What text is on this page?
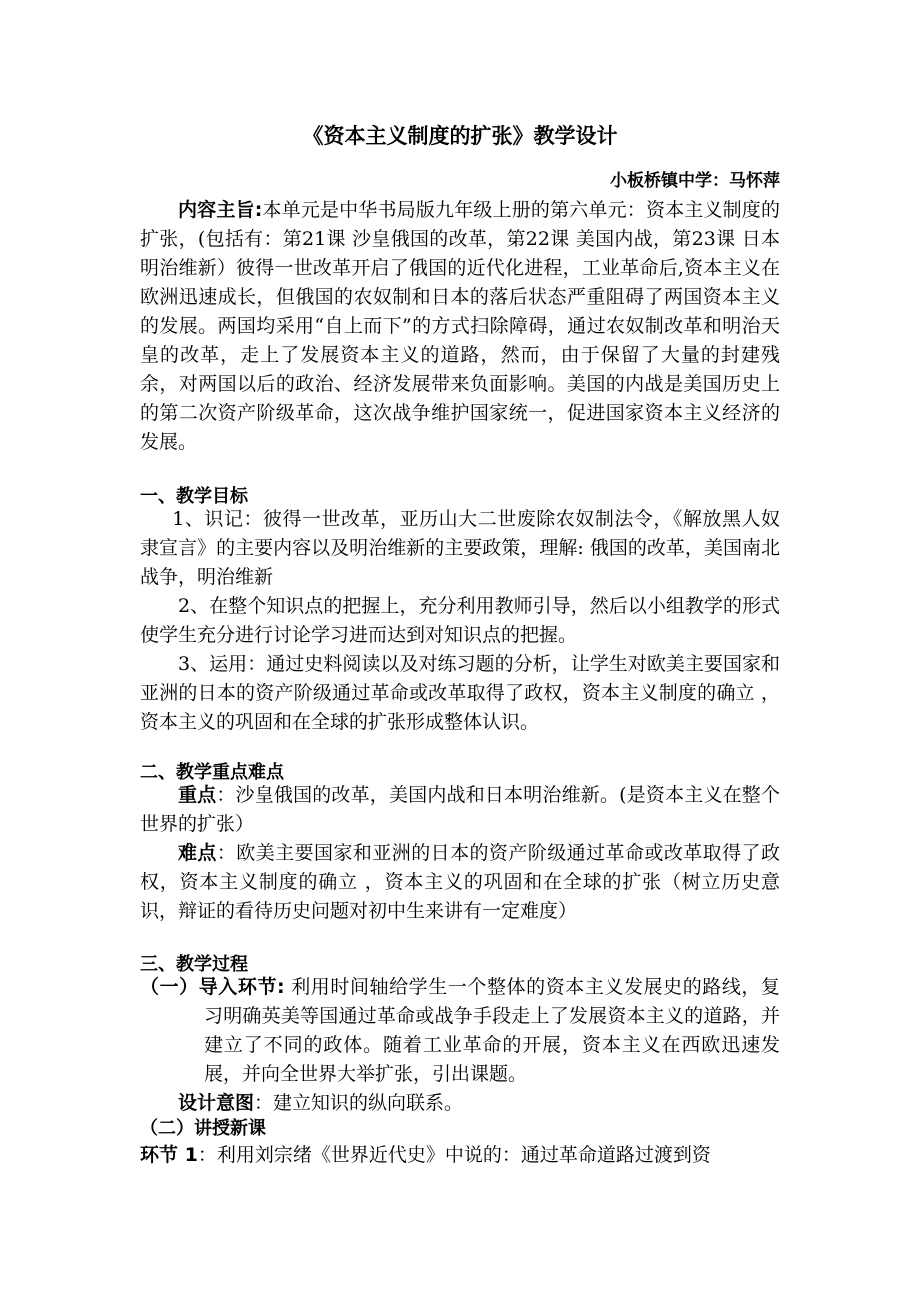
《资本主义制度的扩张》教学设计
小板桥镇中学：马怀萍

内容主旨:本单元是中华书局版九年级上册的第六单元：资本主义制度的扩张，(包括有：第21课 沙皇俄国的改革，第22课 美国内战，第23课 日本明治维新）彼得一世改革开启了俄国的近代化进程，工业革命后,资本主义在欧洲迅速成长，但俄国的农奴制和日本的落后状态严重阻碍了两国资本主义的发展。两国均采用“自上而下”的方式扫除障碍，通过农奴制改革和明治天皇的改革，走上了发展资本主义的道路，然而，由于保留了大量的封建残余，对两国以后的政治、经济发展带来负面影响。美国的内战是美国历史上的第二次资产阶级革命，这次战争维护国家统一，促进国家资本主义经济的发展。

一、教学目标

1、识记：彼得一世改革，亚历山大二世废除农奴制法令，《解放黑人奴隶宣言》的主要内容以及明治维新的主要政策，理解: 俄国的改革，美国南北战争，明治维新

2、在整个知识点的把握上，充分利用教师引导，然后以小组教学的形式使学生充分进行讨论学习进而达到对知识点的把握。

3、运用：通过史料阅读以及对练习题的分析，让学生对欧美主要国家和亚洲的日本的资产阶级通过革命或改革取得了政权，资本主义制度的确立 ，资本主义的巩固和在全球的扩张形成整体认识。

二、教学重点难点

重点：沙皇俄国的改革，美国内战和日本明治维新。(是资本主义在整个世界的扩张）

难点：欧美主要国家和亚洲的日本的资产阶级通过革命或改革取得了政权，资本主义制度的确立 ，资本主义的巩固和在全球的扩张（树立历史意识，辩证的看待历史问题对初中生来讲有一定难度）

三、教学过程

（一）导入环节: 利用时间轴给学生一个整体的资本主义发展史的路线，复习明确英美等国通过革命或战争手段走上了发展资本主义的道路，并建立了不同的政体。随着工业革命的开展，资本主义在西欧迅速发展，并向全世界大举扩张，引出课题。

设计意图：建立知识的纵向联系。

（二）讲授新课

环节 1：利用刘宗绪《世界近代史》中说的：通过革命道路过渡到资
